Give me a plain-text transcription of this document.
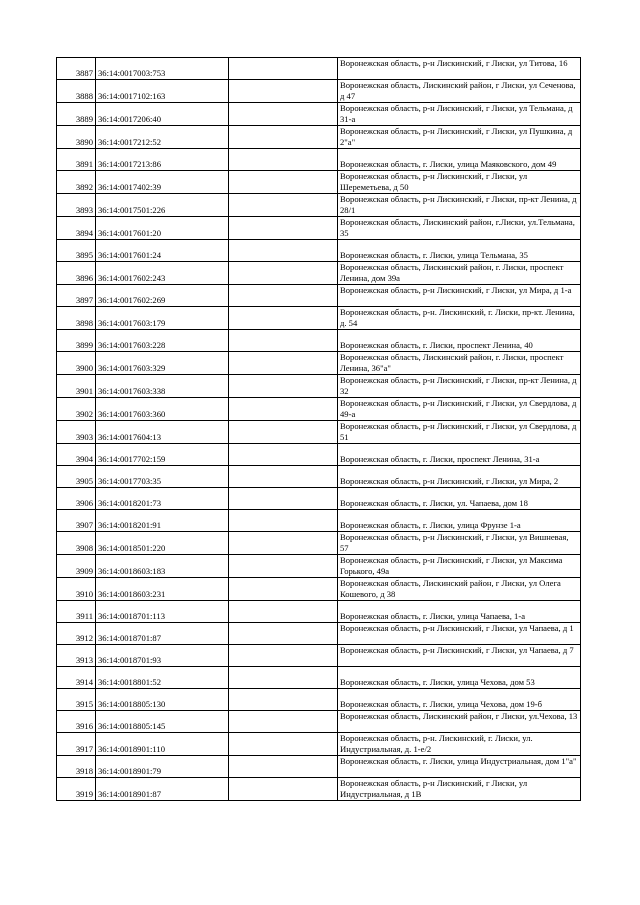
3887	36:14:0017003:753		Воронежская область, р-н Лискинский, г Лиски, ул Титова, 16
3888	36:14:0017102:163		Воронежская область, Лискинский район, г Лиски, ул Сеченова, д 47
3889	36:14:0017206:40		Воронежская область, р-н Лискинский, г Лиски, ул Тельмана, д 31-а
3890	36:14:0017212:52		Воронежская область, р-н Лискинский, г Лиски, ул Пушкина, д 2"а"
3891	36:14:0017213:86		Воронежская область, г. Лиски, улица Маяковского, дом 49
3892	36:14:0017402:39		Воронежская область, р-н Лискинский, г Лиски, ул Шереметьева, д 50
3893	36:14:0017501:226		Воронежская область, р-н Лискинский, г Лиски, пр-кт Ленина, д 28/1
3894	36:14:0017601:20		Воронежская область, Лискинский район, г.Лиски, ул.Тельмана, 35
3895	36:14:0017601:24		Воронежская область, г. Лиски, улица Тельмана, 35
3896	36:14:0017602:243		Воронежская область, Лискинский район, г. Лиски, проспект Ленина, дом 39а
3897	36:14:0017602:269		Воронежская область, р-н Лискинский, г Лиски, ул Мира, д 1-а
3898	36:14:0017603:179		Воронежская область, р-н. Лискинский, г. Лиски, пр-кт. Ленина, д. 54
3899	36:14:0017603:228		Воронежская область, г. Лиски, проспект Ленина, 40
3900	36:14:0017603:329		Воронежская область, Лискинский район, г. Лиски, проспект Ленина, 36"а"
3901	36:14:0017603:338		Воронежская область, р-н Лискинский, г Лиски, пр-кт Ленина, д 32
3902	36:14:0017603:360		Воронежская область, р-н Лискинский, г Лиски, ул Свердлова, д 49-а
3903	36:14:0017604:13		Воронежская область, р-н Лискинский, г Лиски, ул Свердлова, д 51
3904	36:14:0017702:159		Воронежская область, г. Лиски, проспект Ленина, 31-а
3905	36:14:0017703:35		Воронежская область, р-н Лискинский, г Лиски, ул Мира, 2
3906	36:14:0018201:73		Воронежская область, г. Лиски, ул. Чапаева, дом 18
3907	36:14:0018201:91		Воронежская область, г. Лиски, улица Фрунзе 1-а
3908	36:14:0018501:220		Воронежская область, р-н Лискинский, г Лиски, ул Вишневая, 57
3909	36:14:0018603:183		Воронежская область, р-н Лискинский, г Лиски, ул Максима Горького, 49а
3910	36:14:0018603:231		Воронежская область, Лискинский район, г Лиски, ул Олега Кошевого, д 38
3911	36:14:0018701:113		Воронежская область, г. Лиски, улица Чапаева, 1-а
3912	36:14:0018701:87		Воронежская область, р-н Лискинский, г Лиски, ул Чапаева, д 1
3913	36:14:0018701:93		Воронежская область, р-н Лискинский, г Лиски, ул Чапаева, д 7
3914	36:14:0018801:52		Воронежская область, г. Лиски, улица Чехова, дом 53
3915	36:14:0018805:130		Воронежская область, г. Лиски, улица Чехова, дом 19-б
3916	36:14:0018805:145		Воронежская область, Лискинский район, г Лиски, ул.Чехова, 13
3917	36:14:0018901:110		Воронежская область, р-н. Лискинский, г. Лиски, ул. Индустриальная, д. 1-е/2
3918	36:14:0018901:79		Воронежская область, г. Лиски, улица Индустриальная, дом 1"а"
3919	36:14:0018901:87		Воронежская область, р-н Лискинский, г Лиски, ул Индустриальная, д 1В
